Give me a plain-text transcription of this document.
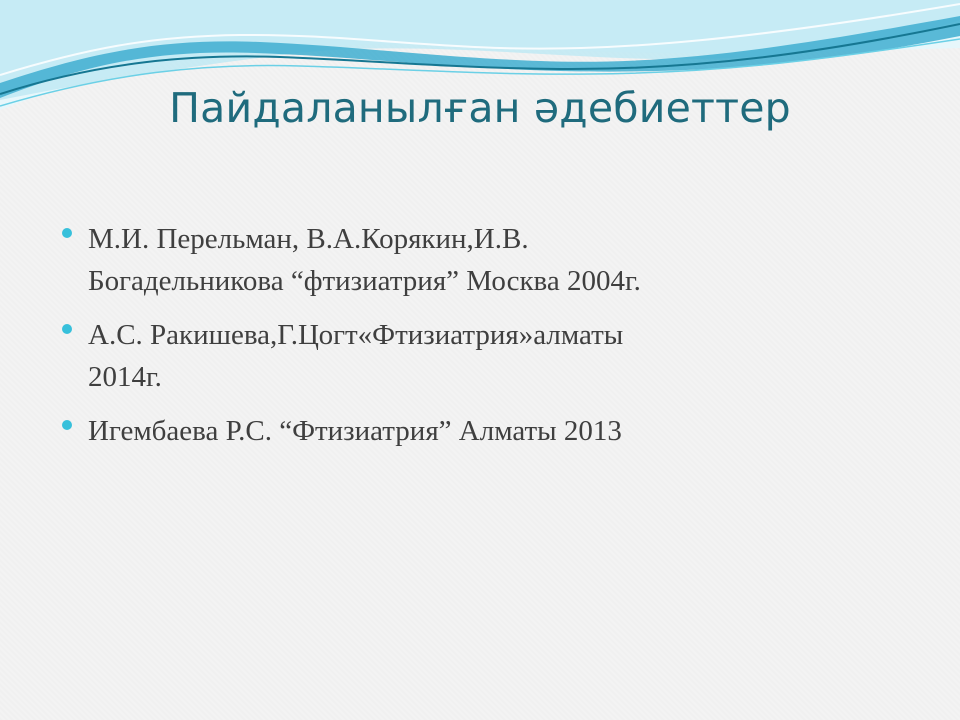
Пайдаланылған әдебиеттер
М.И. Перельман, В.А.Корякин,И.В.
Богадельникова “фтизиатрия” Москва 2004г.
А.С. Ракишева,Г.Цогт«Фтизиатрия»алматы
2014г.
Игембаева Р.С. “Фтизиатрия” Алматы 2013
